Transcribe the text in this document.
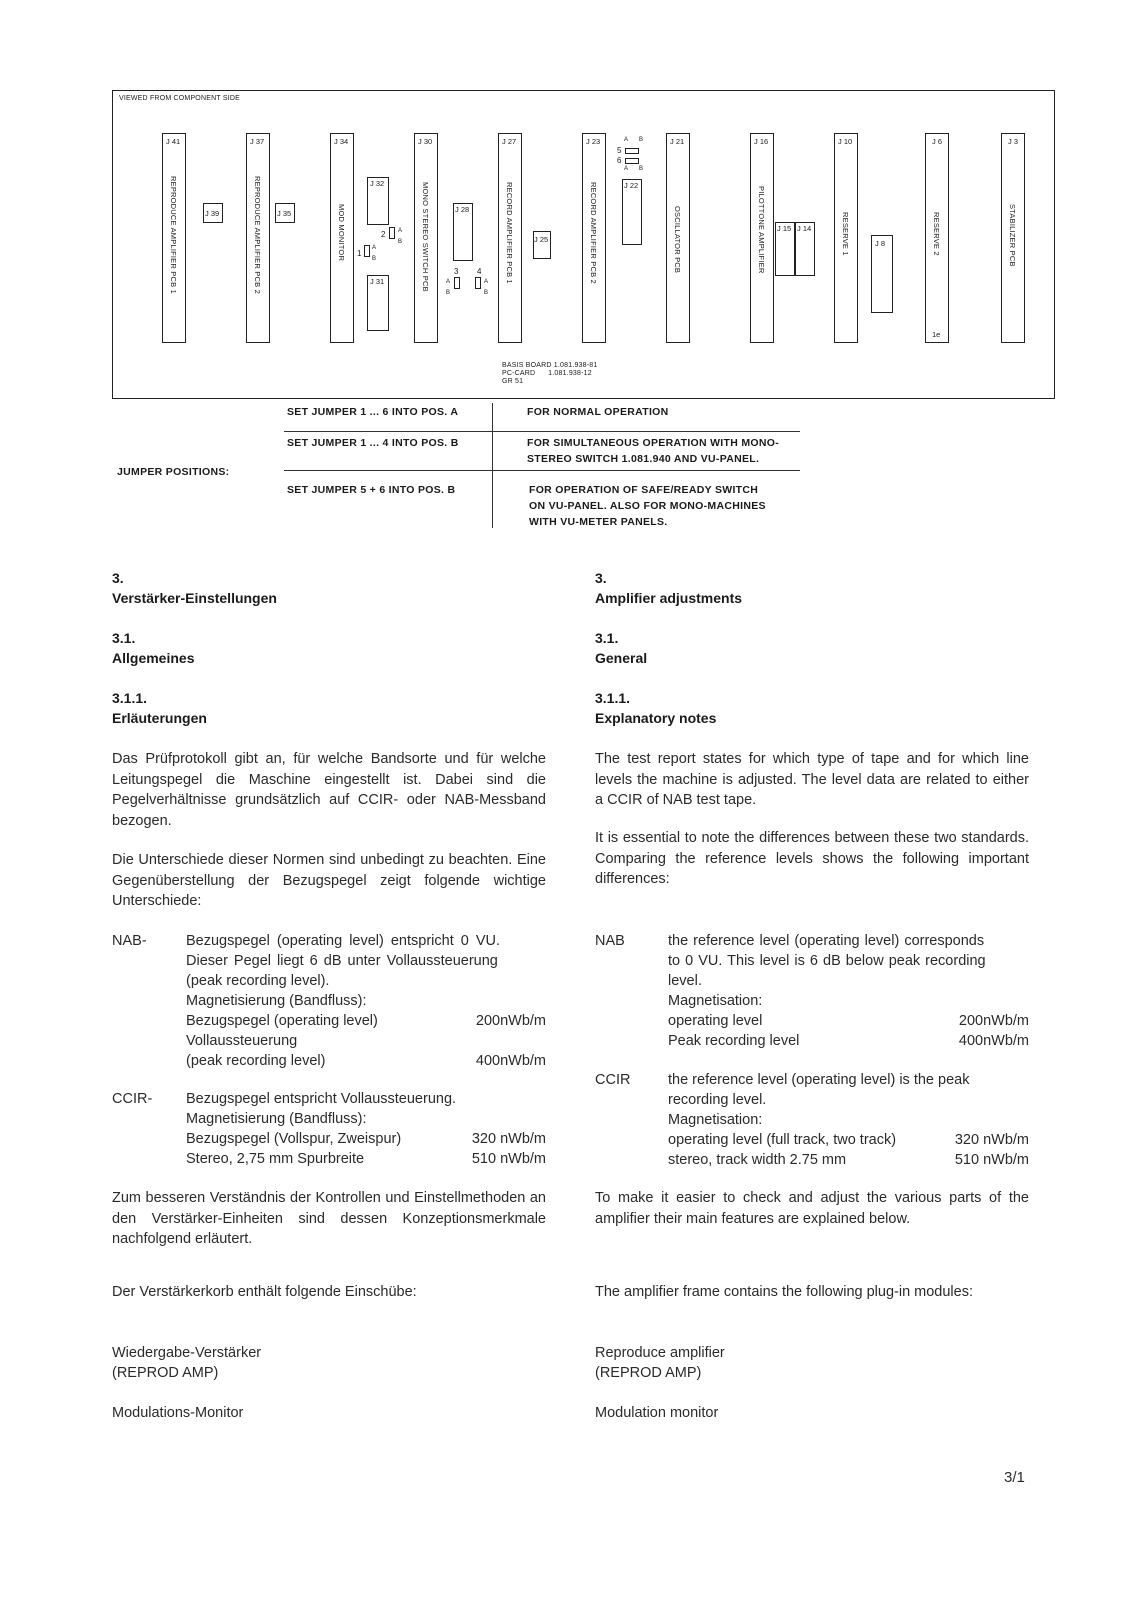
VIEWED FROM COMPONENT SIDE
J 41
REPRODUCE AMPLIFIER PCB 1
J 37
REPRODUCE AMPLIFIER PCB 2
J 34
MOD MONITOR
J 30
MONO STEREO SWITCH PCB
J 27
RECORD AMPLIFIER PCB 1
J 23
RECORD AMPLIFIER PCB 2
J 21
OSCILLATOR PCB
J 16
PILOTTONE AMPLIFIER
J 10
RESERVE 1
J 6
RESERVE 2
1e
J 3
STABILIZER PCB
J 39	J 35
J 32
J 31
J 28
J 25
J 22
J 15 J 14
J 8
1
A
B
2 A
B
3
A
B
4
A
B
A B
5
6
A B
BASIS BOARD 1.081.938-81
PC-CARD      1.081.938-12
GR 51
JUMPER POSITIONS:
SET JUMPER 1 ... 6 INTO POS. A	FOR NORMAL OPERATION
SET JUMPER 1 ... 4 INTO POS. B	FOR SIMULTANEOUS OPERATION WITH MONO-
STEREO SWITCH 1.081.940 AND VU-PANEL.
SET JUMPER 5 + 6 INTO POS. B	FOR OPERATION OF SAFE/READY SWITCH
ON VU-PANEL. ALSO FOR MONO-MACHINES
WITH VU-METER PANELS.
3.
Verstärker-Einstellungen
3.1.
Allgemeines
3.1.1.
Erläuterungen

Das Prüfprotokoll gibt an, für welche Bandsorte und für welche Leitungspegel die Maschine eingestellt ist. Dabei sind die Pegelverhältnisse grundsätzlich auf CCIR- oder NAB-Messband bezogen.

Die Unterschiede dieser Normen sind unbedingt zu beachten. Eine Gegenüberstellung der Bezugspegel zeigt folgende wichtige Unterschiede:

NAB-	Bezugspegel (operating level) entspricht 0 VU.
Dieser Pegel liegt 6 dB unter Vollaussteuerung
(peak recording level).
Magnetisierung (Bandfluss):
Bezugspegel (operating level)	200nWb/m
Vollaussteuerung
(peak recording level)	400nWb/m
CCIR- Bezugspegel entspricht Vollaussteuerung.
Magnetisierung (Bandfluss):
Bezugspegel (Vollspur, Zweispur)	320 nWb/m
Stereo, 2,75 mm Spurbreite	510 nWb/m

Zum besseren Verständnis der Kontrollen und Einstellmethoden an den Verstärker-Einheiten sind dessen Konzeptionsmerkmale nachfolgend erläutert.

Der Verstärkerkorb enthält folgende Einschübe:

Wiedergabe-Verstärker
(REPROD AMP)
Modulations-Monitor
3.
Amplifier adjustments
3.1.
General
3.1.1.
Explanatory notes

The test report states for which type of tape and for which line levels the machine is adjusted. The level data are related to either a CCIR of NAB test tape.

It is essential to note the differences between these two standards. Comparing the reference levels shows the following important differences:

NAB	the reference level (operating level) corresponds
to 0 VU. This level is 6 dB below peak recording
level.
Magnetisation:
operating level	200nWb/m
Peak recording level	400nWb/m
CCIR	the reference level (operating level) is the peak
recording level.
Magnetisation:
operating level (full track, two track)	320 nWb/m
stereo, track width 2.75 mm	510 nWb/m

To make it easier to check and adjust the various parts of the amplifier their main features are explained below.

The amplifier frame contains the following plug-in modules:

Reproduce amplifier
(REPROD AMP)
Modulation monitor
3/1
